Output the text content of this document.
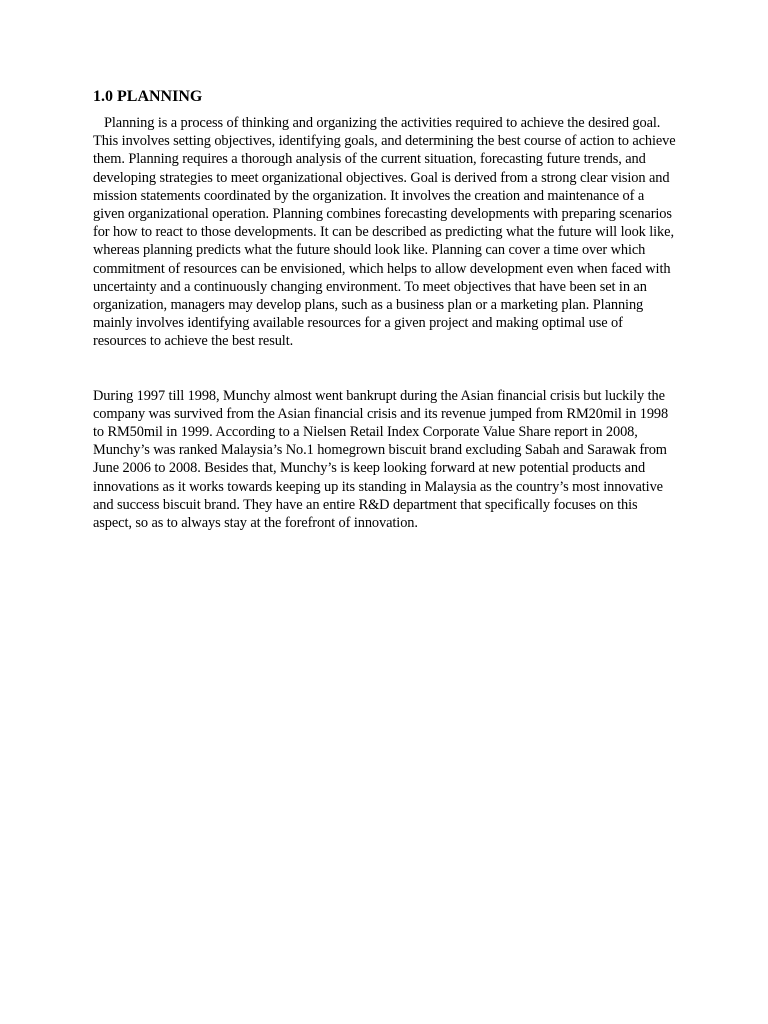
1.0 PLANNING

Planning is a process of thinking and organizing the activities required to achieve the desired goal. This involves setting objectives, identifying goals, and determining the best course of action to achieve them. Planning requires a thorough analysis of the current situation, forecasting future trends, and developing strategies to meet organizational objectives. Goal is derived from a strong clear vision and mission statements coordinated by the organization. It involves the creation and maintenance of a given organizational operation. Planning combines forecasting developments with preparing scenarios for how to react to those developments. It can be described as predicting what the future will look like, whereas planning predicts what the future should look like. Planning can cover a time over which commitment of resources can be envisioned, which helps to allow development even when faced with uncertainty and a continuously changing environment. To meet objectives that have been set in an organization, managers may develop plans, such as a business plan or a marketing plan. Planning mainly involves identifying available resources for a given project and making optimal use of resources to achieve the best result.

During 1997 till 1998, Munchy almost went bankrupt during the Asian financial crisis but luckily the company was survived from the Asian financial crisis and its revenue jumped from RM20mil in 1998 to RM50mil in 1999. According to a Nielsen Retail Index Corporate Value Share report in 2008, Munchy’s was ranked Malaysia’s No.1 homegrown biscuit brand excluding Sabah and Sarawak from June 2006 to 2008. Besides that, Munchy’s is keep looking forward at new potential products and innovations as it works towards keeping up its standing in Malaysia as the country’s most innovative and success biscuit brand. They have an entire R&D department that specifically focuses on this aspect, so as to always stay at the forefront of innovation.
